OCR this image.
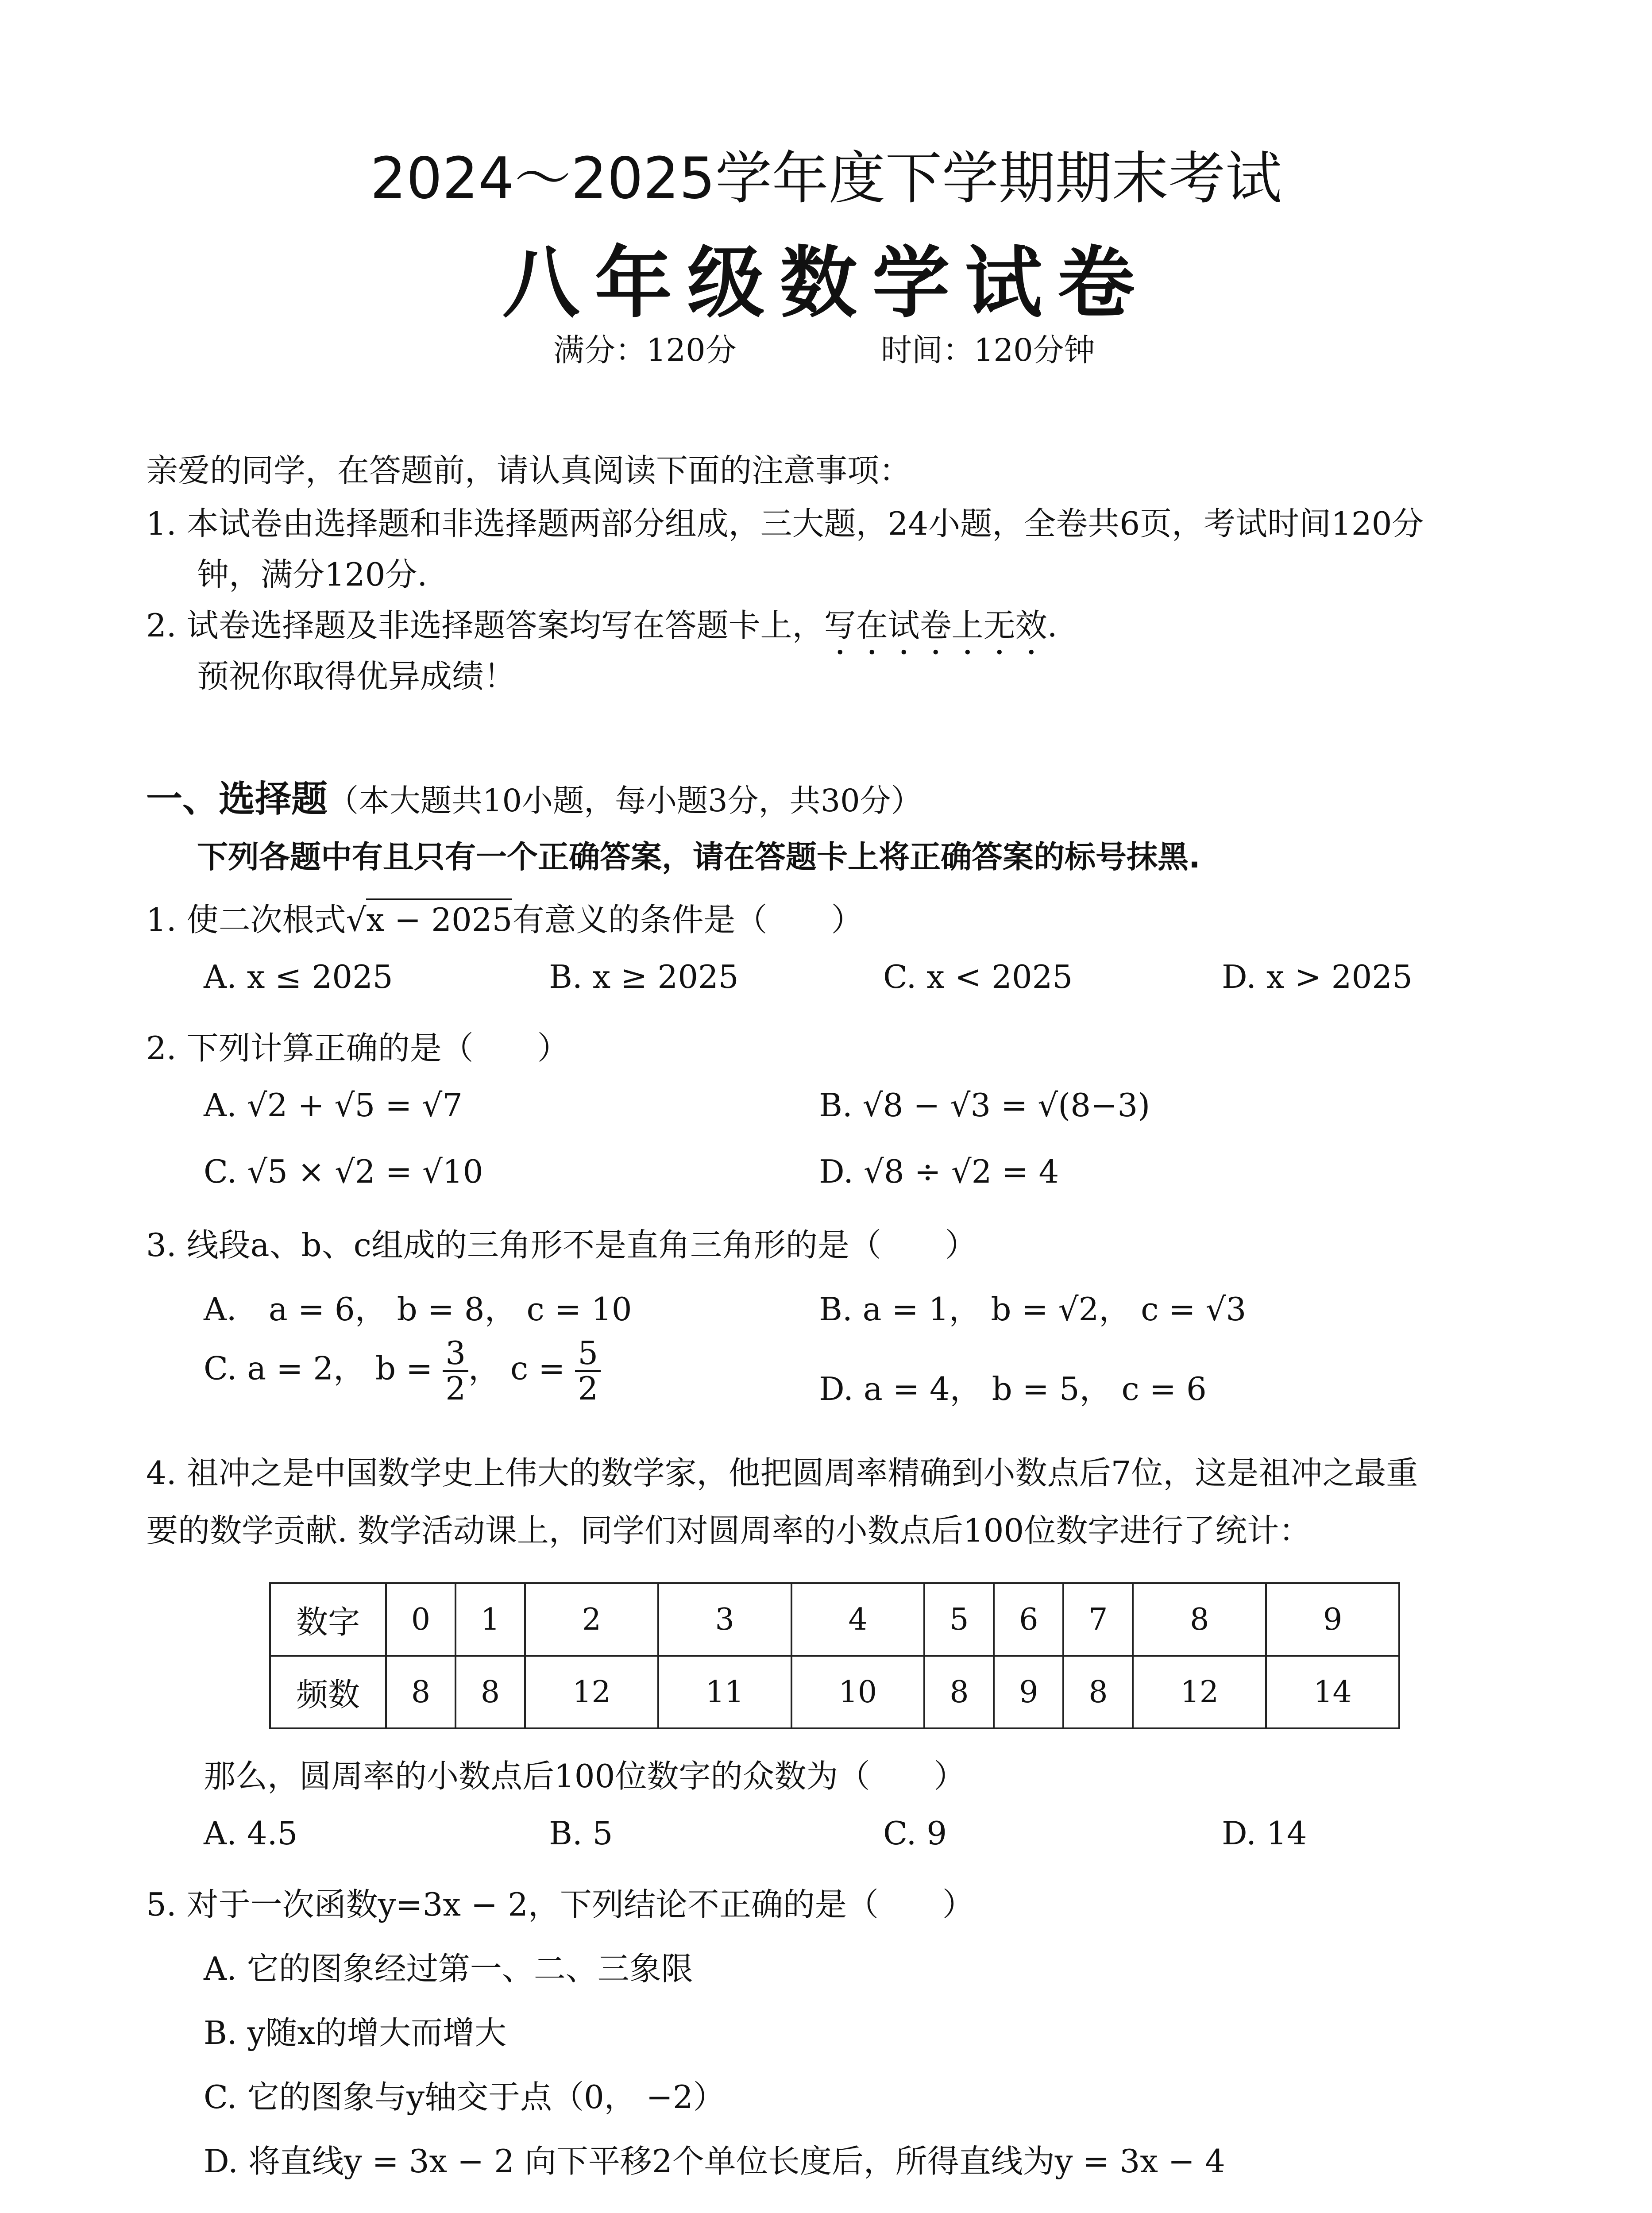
2024～2025学年度下学期期末考试
八年级数学试卷
满分：120分	时间：120分钟
亲爱的同学，在答题前，请认真阅读下面的注意事项：
1. 本试卷由选择题和非选择题两部分组成，三大题，24小题，全卷共6页，考试时间120分
钟，满分120分.
2. 试卷选择题及非选择题答案均写在答题卡上，写在试卷上无效.
预祝你取得优异成绩！
一、选择题（本大题共10小题，每小题3分，共30分）
下列各题中有且只有一个正确答案，请在答题卡上将正确答案的标号抹黑.
1. 使二次根式√x − 2025有意义的条件是（　　）
A. x ≤ 2025	B. x ≥ 2025	C. x < 2025	D. x > 2025
2. 下列计算正确的是（　　）
A. √2 + √5 = √7	B. √8 − √3 = √(8−3)
C. √5 × √2 = √10	D. √8 ÷ √2 = 4
3. 线段a、b、c组成的三角形不是直角三角形的是（　　）
A． a = 6， b = 8， c = 10	B. a = 1， b = √2， c = √3
C. a = 2， $b = \frac{3}{2}$ ， $c = \frac{5}{2}$	D. a = 4， b = 5， c = 6
4. 祖冲之是中国数学史上伟大的数学家，他把圆周率精确到小数点后7位，这是祖冲之最重
要的数学贡献. 数学活动课上，同学们对圆周率的小数点后100位数字进行了统计：
数字	0	1	2	3	4	5	6	7	8	9
频数	8	8	12	11	10	8	9	8	12	14
那么，圆周率的小数点后100位数字的众数为（　　）
A. 4.5	B. 5	C. 9	D. 14
5. 对于一次函数y=3x − 2，下列结论不正确的是（　　）
A. 它的图象经过第一、二、三象限
B. y随x的增大而增大
C. 它的图象与y轴交于点（0， −2）
D. 将直线y = 3x − 2 向下平移2个单位长度后，所得直线为y = 3x − 4
